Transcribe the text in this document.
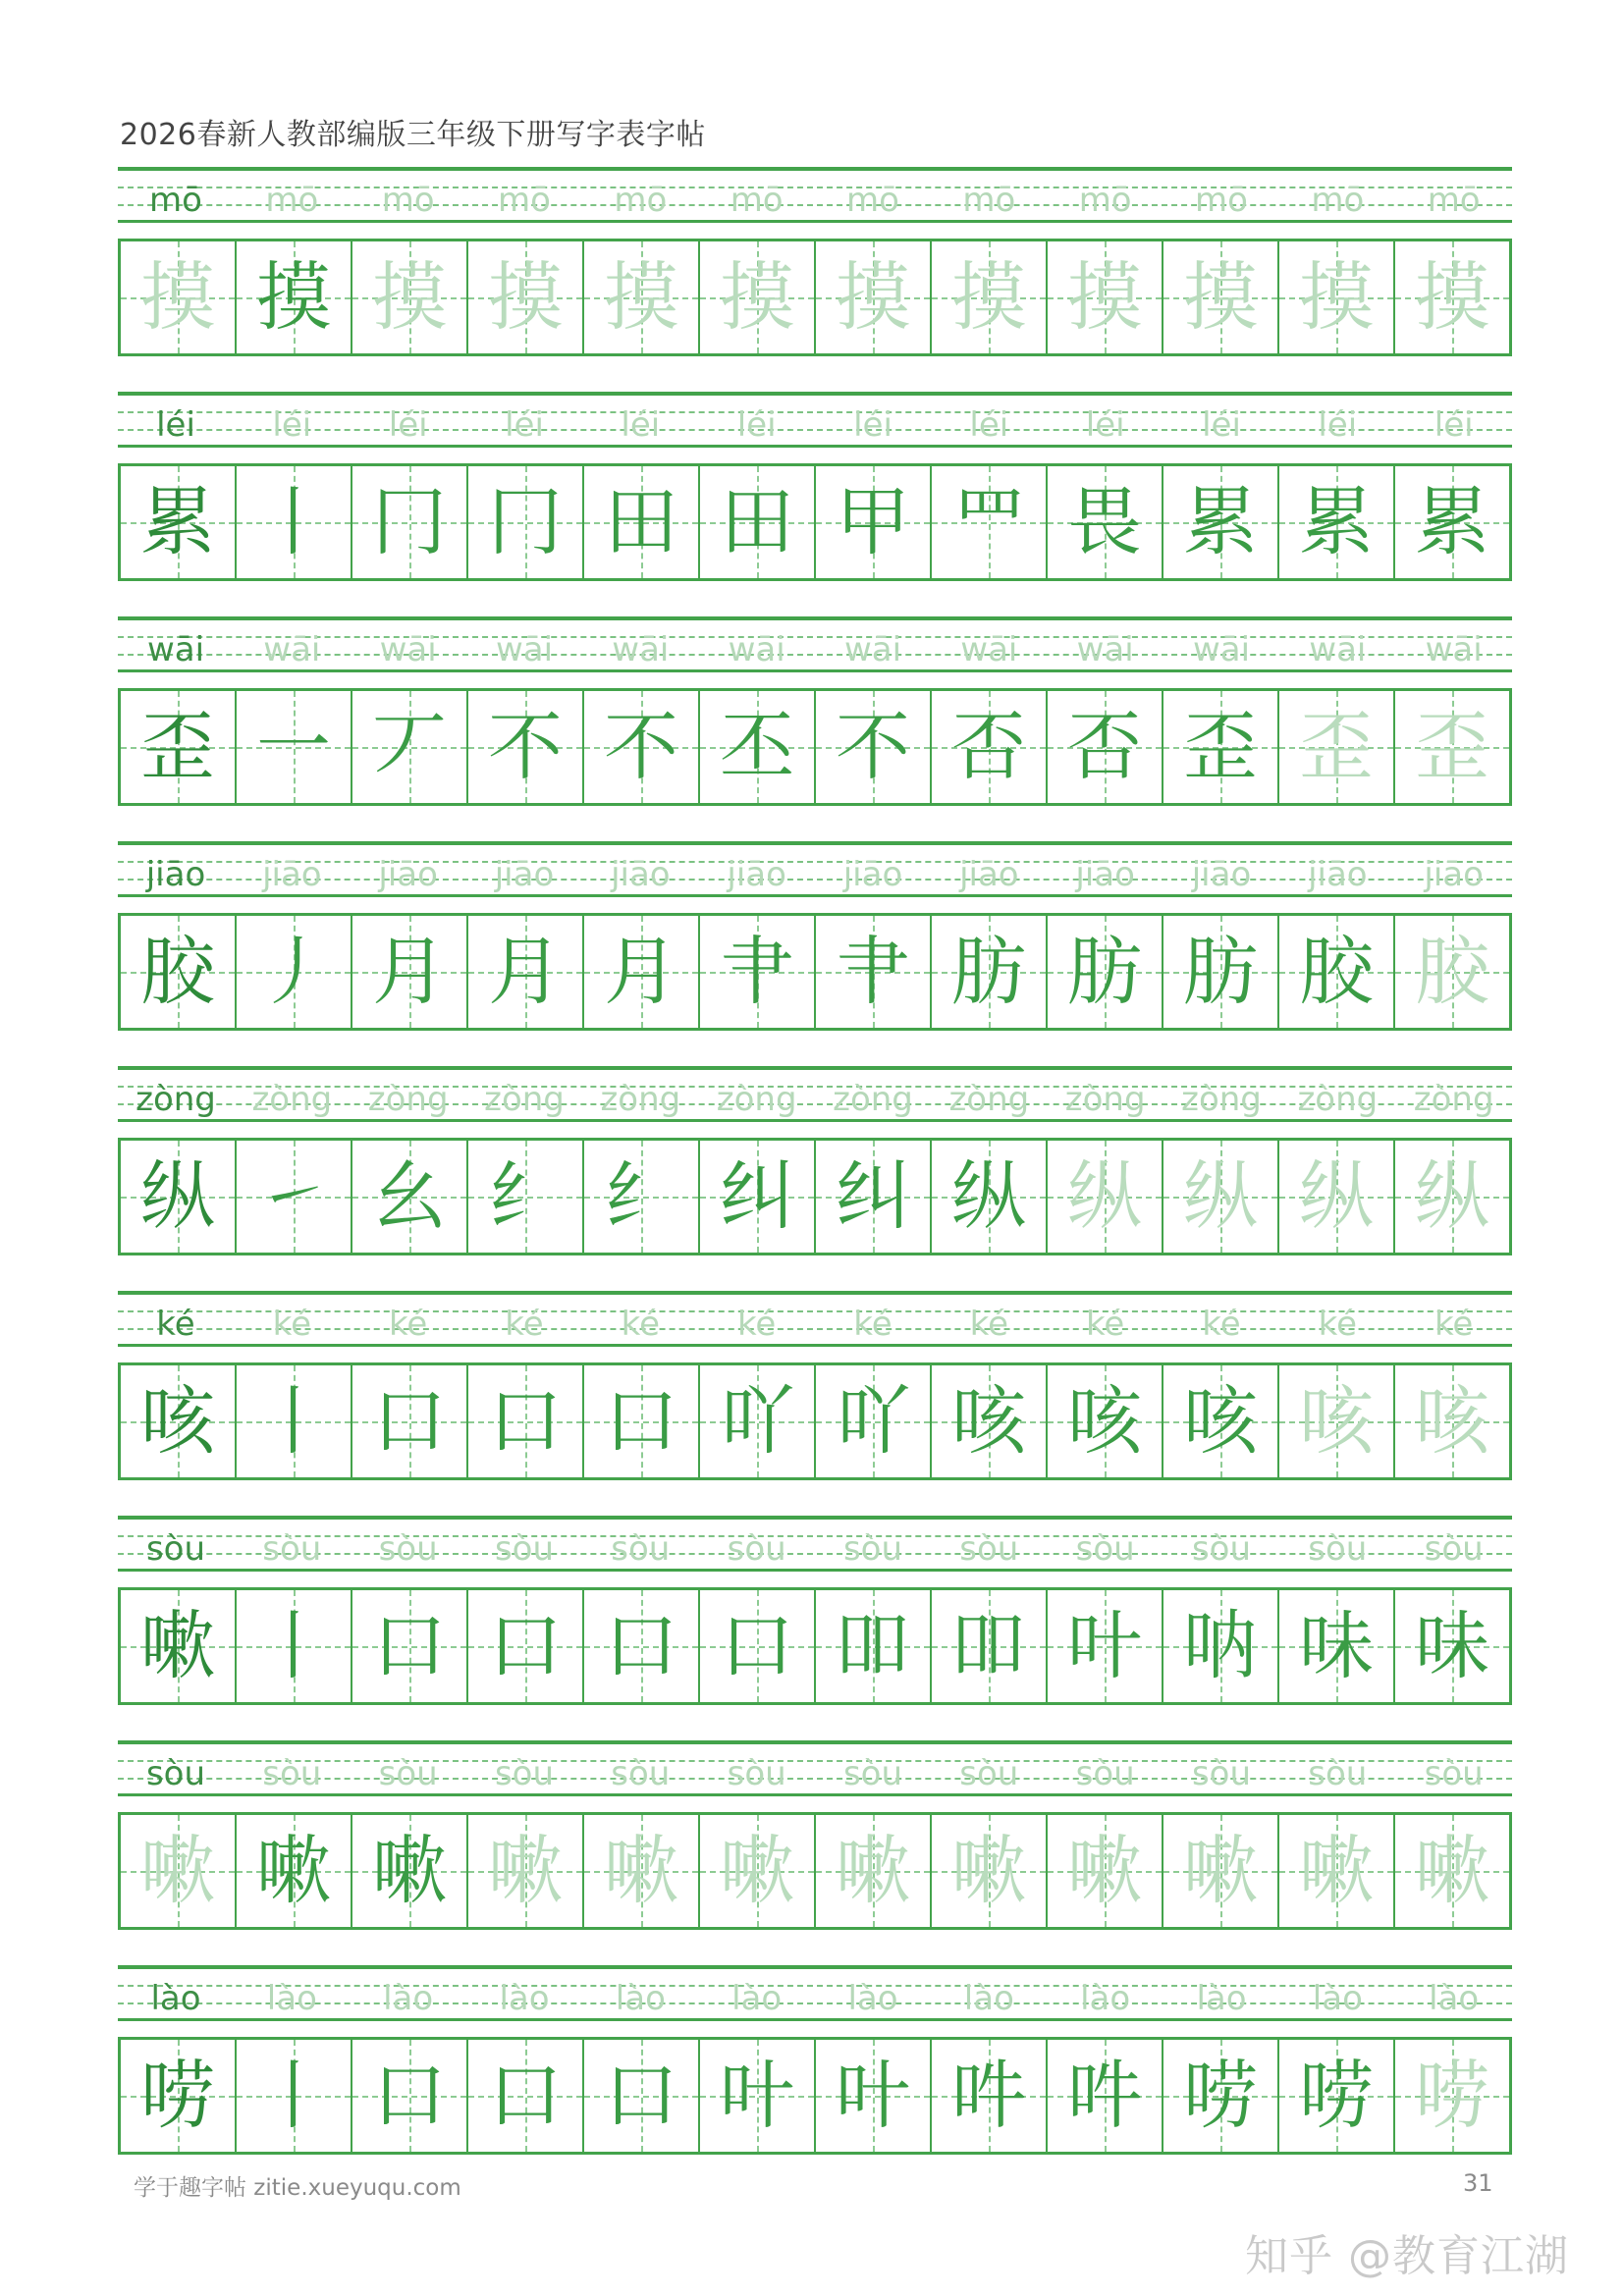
2026春新人教部编版三年级下册写字表字帖
mō	mō	mō	mō	mō	mō	mō	mō	mō	mō	mō	mō
摸 摸 摸 摸 摸 摸 摸 摸 摸 摸 摸 摸
léi	léi	léi	léi	léi	léi	léi	léi	léi	léi	léi	léi
累 丨 冂 冂 田 田 甲 罒 畏 累 累 累
wāi	wāi	wāi	wāi	wāi	wāi	wāi	wāi	wāi	wāi	wāi	wāi
歪 一 丆 不 不 丕 不 否 否 歪 歪 歪
jiāo	jiāo	jiāo	jiāo	jiāo	jiāo	jiāo	jiāo	jiāo	jiāo	jiāo	jiāo
胶 丿 月 月 月 肀 肀 肪 肪 肪 胶 胶
zòng	zòng	zòng	zòng	zòng	zòng	zòng	zòng	zòng	zòng	zòng	zòng
纵 ㇀ 幺 纟 纟 纠 纠 纵 纵 纵 纵 纵
ké	ké	ké	ké	ké	ké	ké	ké	ké	ké	ké	ké
咳 丨 口 口 口 吖 吖 咳 咳 咳 咳 咳
sòu	sòu	sòu	sòu	sòu	sòu	sòu	sòu	sòu	sòu	sòu	sòu
嗽 丨 口 口 口 口 吅 吅 叶 呐 味 味
sòu	sòu	sòu	sòu	sòu	sòu	sòu	sòu	sòu	sòu	sòu	sòu
嗽 嗽 嗽 嗽 嗽 嗽 嗽 嗽 嗽 嗽 嗽 嗽
lào	lào	lào	lào	lào	lào	lào	lào	lào	lào	lào	lào
唠 丨 口 口 口 叶 叶 吽 吽 唠 唠 唠
学于趣字帖 zitie.xueyuqu.com	31
知乎 @教育江湖
